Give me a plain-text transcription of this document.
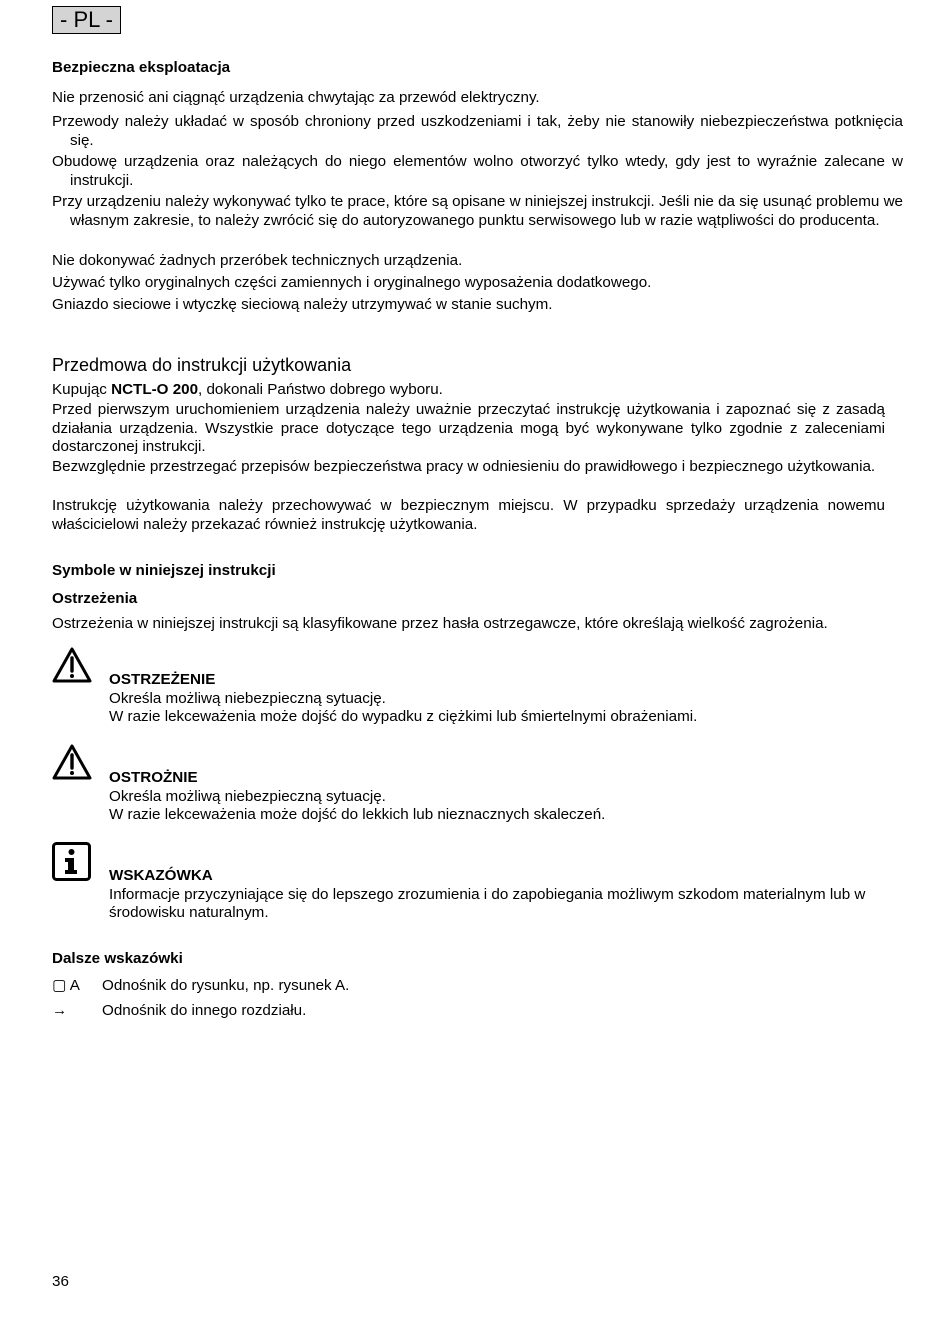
- PL -
Bezpieczna eksploatacja
Nie przenosić ani ciągnąć urządzenia chwytając za przewód elektryczny.
Przewody należy układać w sposób chroniony przed uszkodzeniami i tak, żeby nie stanowiły niebezpieczeństwa potknięcia się.
Obudowę urządzenia oraz należących do niego elementów wolno otworzyć tylko wtedy, gdy jest to wyraźnie zalecane w instrukcji.
Przy urządzeniu należy wykonywać tylko te prace, które są opisane w niniejszej instrukcji. Jeśli nie da się usunąć problemu we własnym zakresie, to należy zwrócić się do autoryzowanego punktu serwisowego lub w razie wątpliwości do producenta.
Nie dokonywać żadnych przeróbek technicznych urządzenia.
Używać tylko oryginalnych części zamiennych i oryginalnego wyposażenia dodatkowego.
Gniazdo sieciowe i wtyczkę sieciową należy utrzymywać w stanie suchym.
Przedmowa do instrukcji użytkowania
Kupując NCTL-O 200, dokonali Państwo dobrego wyboru.
Przed pierwszym uruchomieniem urządzenia należy uważnie przeczytać instrukcję użytkowania i zapoznać się z zasadą działania urządzenia. Wszystkie prace dotyczące tego urządzenia mogą być wykonywane tylko zgodnie z zaleceniami dostarczonej instrukcji.
Bezwzględnie przestrzegać przepisów bezpieczeństwa pracy w odniesieniu do prawidłowego i bezpiecznego użytkowania.
Instrukcję użytkowania należy przechowywać w bezpiecznym miejscu. W przypadku sprzedaży urządzenia nowemu właścicielowi należy przekazać również instrukcję użytkowania.
Symbole w niniejszej instrukcji
Ostrzeżenia
Ostrzeżenia w niniejszej instrukcji są klasyfikowane przez hasła ostrzegawcze, które określają wielkość zagrożenia.
OSTRZEŻENIE
Określa możliwą niebezpieczną sytuację.
W razie lekceważenia może dojść do wypadku z ciężkimi lub śmiertelnymi obrażeniami.
OSTROŻNIE
Określa możliwą niebezpieczną sytuację.
W razie lekceważenia może dojść do lekkich lub nieznacznych skaleczeń.
WSKAZÓWKA
Informacje przyczyniające się do lepszego zrozumienia i do zapobiegania możliwym szkodom materialnym lub w środowisku naturalnym.
Dalsze wskazówki
▢ A Odnośnik do rysunku, np. rysunek A.
→ Odnośnik do innego rozdziału.
36
